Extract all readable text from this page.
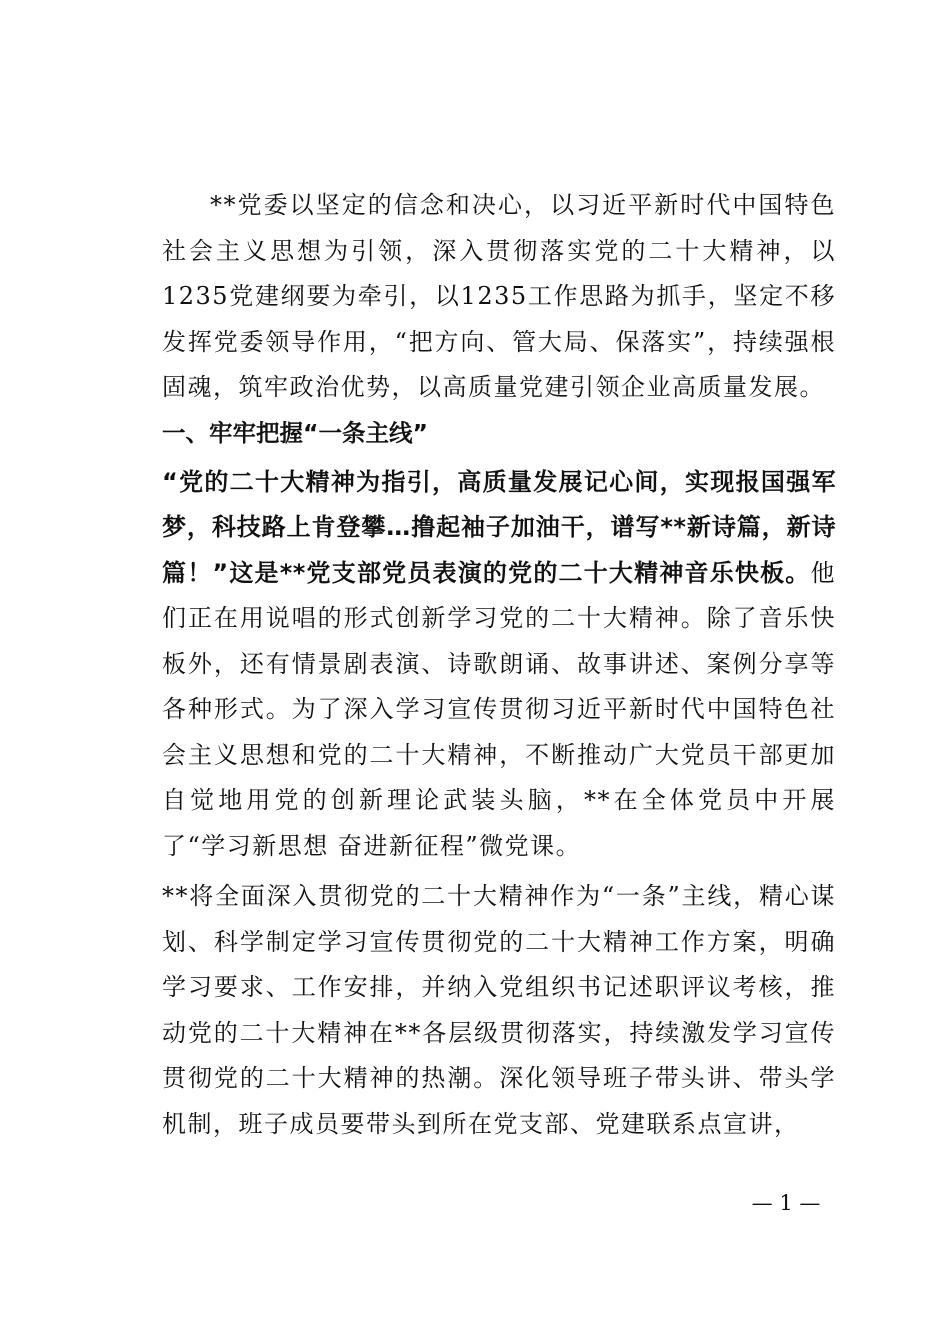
**党委以坚定的信念和决心，以习近平新时代中国特色社会主义思想为引领，深入贯彻落实党的二十大精神，以1235党建纲要为牵引，以1235工作思路为抓手，坚定不移发挥党委领导作用，“把方向、管大局、保落实”，持续强根固魂，筑牢政治优势，以高质量党建引领企业高质量发展。

一、牢牢把握“一条主线”

“党的二十大精神为指引，高质量发展记心间，实现报国强军梦，科技路上肯登攀…撸起袖子加油干，谱写**新诗篇，新诗篇！”这是**党支部党员表演的党的二十大精神音乐快板。他们正在用说唱的形式创新学习党的二十大精神。除了音乐快板外，还有情景剧表演、诗歌朗诵、故事讲述、案例分享等各种形式。为了深入学习宣传贯彻习近平新时代中国特色社会主义思想和党的二十大精神，不断推动广大党员干部更加自觉地用党的创新理论武装头脑，**在全体党员中开展了“学习新思想 奋进新征程”微党课。

**将全面深入贯彻党的二十大精神作为“一条”主线，精心谋划、科学制定学习宣传贯彻党的二十大精神工作方案，明确学习要求、工作安排，并纳入党组织书记述职评议考核，推动党的二十大精神在**各层级贯彻落实，持续激发学习宣传贯彻党的二十大精神的热潮。深化领导班子带头讲、带头学机制，班子成员要带头到所在党支部、党建联系点宣讲，

— 1 —
